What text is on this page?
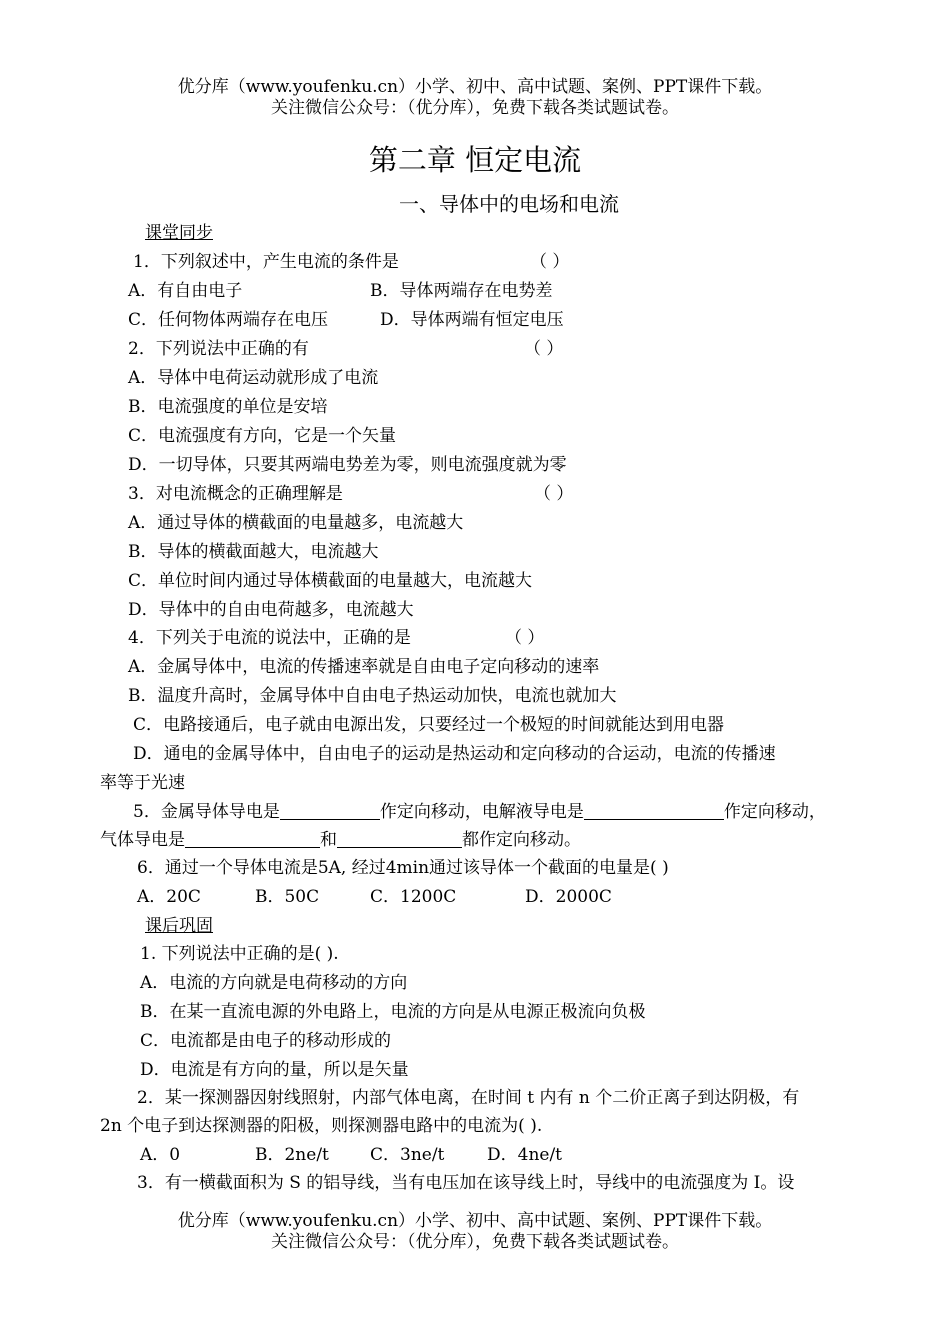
优分库（www.youfenku.cn）小学、初中、高中试题、案例、PPT课件下载。
关注微信公众号：（优分库），免费下载各类试题试卷。
第二章 恒定电流
一、导体中的电场和电流
课堂同步
1．下列叙述中，产生电流的条件是	（ ）
A．有自由电子	B．导体两端存在电势差
C．任何物体两端存在电压	D．导体两端有恒定电压
2．下列说法中正确的有	（ ）
A．导体中电荷运动就形成了电流
B．电流强度的单位是安培
C．电流强度有方向，它是一个矢量
D．一切导体，只要其两端电势差为零，则电流强度就为零
3．对电流概念的正确理解是	（ ）
A．通过导体的横截面的电量越多，电流越大
B．导体的横截面越大，电流越大
C．单位时间内通过导体横截面的电量越大，电流越大
D．导体中的自由电荷越多，电流越大
4．下列关于电流的说法中，正确的是	（ ）
A．金属导体中，电流的传播速率就是自由电子定向移动的速率
B．温度升高时，金属导体中自由电子热运动加快，电流也就加大
C．电路接通后，电子就由电源出发，只要经过一个极短的时间就能达到用电器
D．通电的金属导体中，自由电子的运动是热运动和定向移动的合运动，电流的传播速
率等于光速
5．金属导体导电是	作定向移动，电解液导电是	作定向移动，
气体导电是	和	都作定向移动。
6．通过一个导体电流是5A, 经过4min通过该导体一个截面的电量是( )
A．20C	B．50C	C．1200C	D．2000C
课后巩固
1. 下列说法中正确的是( ).
A．电流的方向就是电荷移动的方向
B．在某一直流电源的外电路上，电流的方向是从电源正极流向负极
C．电流都是由电子的移动形成的
D．电流是有方向的量，所以是矢量
2．某一探测器因射线照射，内部气体电离，在时间 t 内有 n 个二价正离子到达阴极，有
2n 个电子到达探测器的阳极，则探测器电路中的电流为( ).
A．0	B．2ne/t C．3ne/t	D．4ne/t
3．有一横截面积为 S 的铝导线，当有电压加在该导线上时，导线中的电流强度为 I。设
优分库（www.youfenku.cn）小学、初中、高中试题、案例、PPT课件下载。
关注微信公众号：（优分库），免费下载各类试题试卷。
